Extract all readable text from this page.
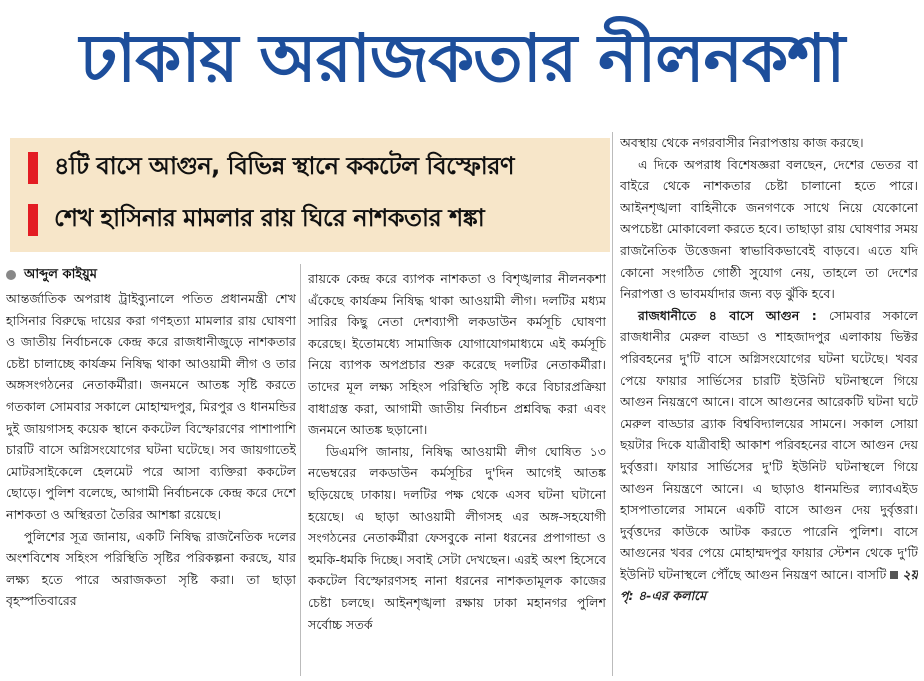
ঢাকায় অরাজকতার নীলনকশা
৪টি বাসে আগুন, বিভিন্ন স্থানে ককটেল বিস্ফোরণ
শেখ হাসিনার মামলার রায় ঘিরে নাশকতার শঙ্কা
আব্দুল কাইয়ুম

আন্তর্জাতিক অপরাধ ট্রাইব্যুনালে পতিত প্রধানমন্ত্রী শেখ হাসিনার বিরুদ্ধে দায়ের করা গণহত্যা মামলার রায় ঘোষণা ও জাতীয় নির্বাচনকে কেন্দ্র করে রাজধানীজুড়ে নাশকতার চেষ্টা চালাচ্ছে কার্যক্রম নিষিদ্ধ থাকা আওয়ামী লীগ ও তার অঙ্গসংগঠনের নেতাকর্মীরা। জনমনে আতঙ্ক সৃষ্টি করতে গতকাল সোমবার সকালে মোহাম্মদপুর, মিরপুর ও ধানমন্ডির দুই জায়গাসহ কয়েক স্থানে ককটেল বিস্ফোরণের পাশাপাশি চারটি বাসে অগ্নিসংযোগের ঘটনা ঘটেছে। সব জায়গাতেই মোটরসাইকেলে হেলমেট পরে আসা ব্যক্তিরা ককটেল ছোড়ে। পুলিশ বলেছে, আগামী নির্বাচনকে কেন্দ্র করে দেশে নাশকতা ও অস্থিরতা তৈরির আশঙ্কা রয়েছে।

পুলিশের সূত্র জানায়, একটি নিষিদ্ধ রাজনৈতিক দলের অংশবিশেষ সহিংস পরিস্থিতি সৃষ্টির পরিকল্পনা করছে, যার লক্ষ্য হতে পারে অরাজকতা সৃষ্টি করা। তা ছাড়া বৃহস্পতিবারের

রায়কে কেন্দ্র করে ব্যাপক নাশকতা ও বিশৃঙ্খলার নীলনকশা এঁকেছে কার্যক্রম নিষিদ্ধ থাকা আওয়ামী লীগ। দলটির মধ্যম সারির কিছু নেতা দেশব্যাপী লকডাউন কর্মসূচি ঘোষণা করেছে। ইতোমধ্যে সামাজিক যোগাযোগমাধ্যমে এই কর্মসূচি নিয়ে ব্যাপক অপপ্রচার শুরু করেছে দলটির নেতাকর্মীরা। তাদের মূল লক্ষ্য সহিংস পরিস্থিতি সৃষ্টি করে বিচারপ্রক্রিয়া বাধাগ্রস্ত করা, আগামী জাতীয় নির্বাচন প্রশ্নবিদ্ধ করা এবং জনমনে আতঙ্ক ছড়ানো।

ডিএমপি জানায়, নিষিদ্ধ আওয়ামী লীগ ঘোষিত ১৩ নভেম্বরের লকডাউন কর্মসূচির দু'দিন আগেই আতঙ্ক ছড়িয়েছে ঢাকায়। দলটির পক্ষ থেকে এসব ঘটনা ঘটানো হয়েছে। এ ছাড়া আওয়ামী লীগসহ এর অঙ্গ-সহযোগী সংগঠনের নেতাকর্মীরা ফেসবুকে নানা ধরনের প্রপাগান্ডা ও হুমকি-ধমকি দিচ্ছে। সবাই সেটা দেখছেন। এরই অংশ হিসেবে ককটেল বিস্ফোরণসহ নানা ধরনের নাশকতামূলক কাজের চেষ্টা চলছে। আইনশৃঙ্খলা রক্ষায় ঢাকা মহানগর পুলিশ সর্বোচ্চ সতর্ক

অবস্থায় থেকে নগরবাসীর নিরাপত্তায় কাজ করছে।

এ দিকে অপরাধ বিশেষজ্ঞরা বলছেন, দেশের ভেতর বা বাইরে থেকে নাশকতার চেষ্টা চালানো হতে পারে। আইনশৃঙ্খলা বাহিনীকে জনগণকে সাথে নিয়ে যেকোনো অপচেষ্টা মোকাবেলা করতে হবে। তাছাড়া রায় ঘোষণার সময় রাজনৈতিক উত্তেজনা স্বাভাবিকভাবেই বাড়বে। এতে যদি কোনো সংগঠিত গোষ্ঠী সুযোগ নেয়, তাহলে তা দেশের নিরাপত্তা ও ভাবমর্যাদার জন্য বড় ঝুঁকি হবে।

রাজধানীতে ৪ বাসে আগুন : সোমবার সকালে রাজধানীর মেরুল বাড্ডা ও শাহজাদপুর এলাকায় ভিক্টর পরিবহনের দু'টি বাসে অগ্নিসংযোগের ঘটনা ঘটেছে। খবর পেয়ে ফায়ার সার্ভিসের চারটি ইউনিট ঘটনাস্থলে গিয়ে আগুন নিয়ন্ত্রণে আনে। বাসে আগুনের আরেকটি ঘটনা ঘটে মেরুল বাড্ডার ব্র্যাক বিশ্ববিদ্যালয়ের সামনে। সকাল সোয়া ছয়টার দিকে যাত্রীবাহী আকাশ পরিবহনের বাসে আগুন দেয় দুর্বৃত্তরা। ফায়ার সার্ভিসের দু'টি ইউনিট ঘটনাস্থলে গিয়ে আগুন নিয়ন্ত্রণে আনে। এ ছাড়াও ধানমন্ডির ল্যাবএইড হাসপাতালের সামনে একটি বাসে আগুন দেয় দুর্বৃত্তরা। দুর্বৃত্তদের কাউকে আটক করতে পারেনি পুলিশ। বাসে আগুনের খবর পেয়ে মোহাম্মদপুর ফায়ার স্টেশন থেকে দু'টি ইউনিট ঘটনাস্থলে পৌঁছে আগুন নিয়ন্ত্রণ আনে। বাসটি ২য় পৃ: ৪-এর কলামে
